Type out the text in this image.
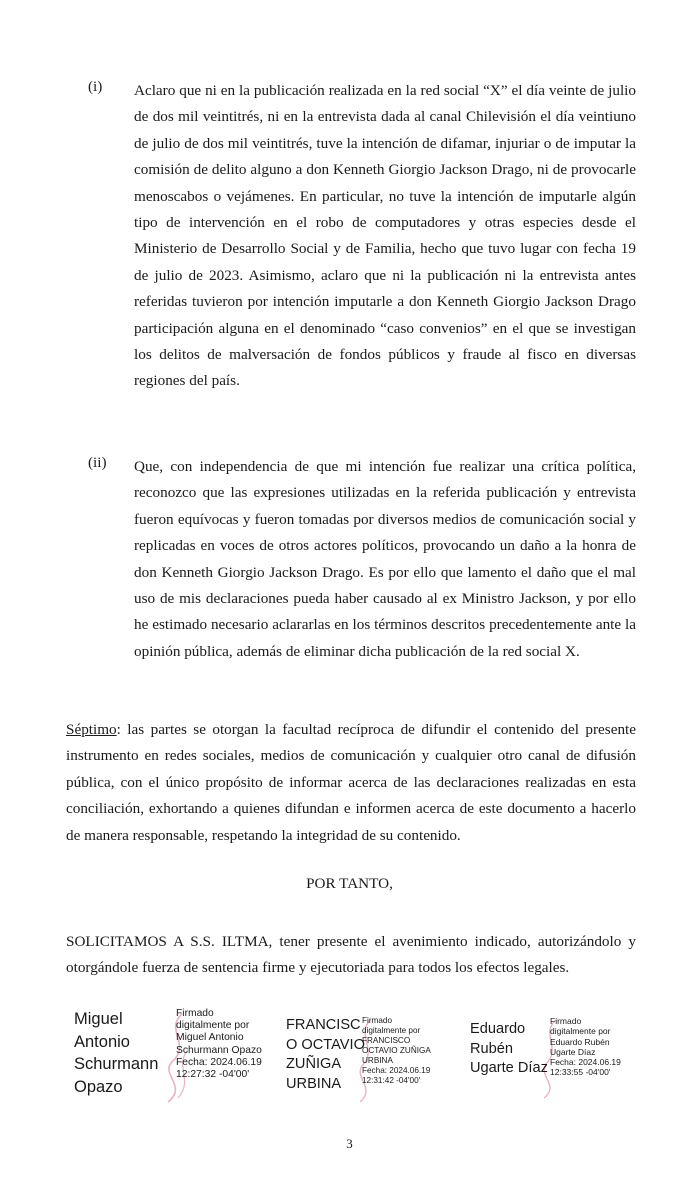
(i) Aclaro que ni en la publicación realizada en la red social “X” el día veinte de julio de dos mil veintitrés, ni en la entrevista dada al canal Chilevisión el día veintiuno de julio de dos mil veintitrés, tuve la intención de difamar, injuriar o de imputar la comisión de delito alguno a don Kenneth Giorgio Jackson Drago, ni de provocarle menoscabos o vejámenes. En particular, no tuve la intención de imputarle algún tipo de intervención en el robo de computadores y otras especies desde el Ministerio de Desarrollo Social y de Familia, hecho que tuvo lugar con fecha 19 de julio de 2023. Asimismo, aclaro que ni la publicación ni la entrevista antes referidas tuvieron por intención imputarle a don Kenneth Giorgio Jackson Drago participación alguna en el denominado “caso convenios” en el que se investigan los delitos de malversación de fondos públicos y fraude al fisco en diversas regiones del país.
(ii) Que, con independencia de que mi intención fue realizar una crítica política, reconozco que las expresiones utilizadas en la referida publicación y entrevista fueron equívocas y fueron tomadas por diversos medios de comunicación social y replicadas en voces de otros actores políticos, provocando un daño a la honra de don Kenneth Giorgio Jackson Drago. Es por ello que lamento el daño que el mal uso de mis declaraciones pueda haber causado al ex Ministro Jackson, y por ello he estimado necesario aclararlas en los términos descritos precedentemente ante la opinión pública, además de eliminar dicha publicación de la red social X.
Séptimo: las partes se otorgan la facultad recíproca de difundir el contenido del presente instrumento en redes sociales, medios de comunicación y cualquier otro canal de difusión pública, con el único propósito de informar acerca de las declaraciones realizadas en esta conciliación, exhortando a quienes difundan e informen acerca de este documento a hacerlo de manera responsable, respetando la integridad de su contenido.
POR TANTO,
SOLICITAMOS A S.S. ILTMA, tener presente el avenimiento indicado, autorizándolo y otorgándole fuerza de sentencia firme y ejecutoriada para todos los efectos legales.
Miguel
Antonio
Schurmann
Opazo
Firmado
digitalmente por
Miguel Antonio
Schurmann Opazo
Fecha: 2024.06.19
12:27:32 -04'00'
FRANCISC
O OCTAVIO
ZUÑIGA
URBINA
Firmado
digitalmente por
FRANCISCO
OCTAVIO ZUÑIGA
URBINA
Fecha: 2024.06.19
12:31:42 -04'00'
Eduardo
Rubén
Ugarte Díaz
Firmado
digitalmente por
Eduardo Rubén
Ugarte Díaz
Fecha: 2024.06.19
12:33:55 -04'00'
3
